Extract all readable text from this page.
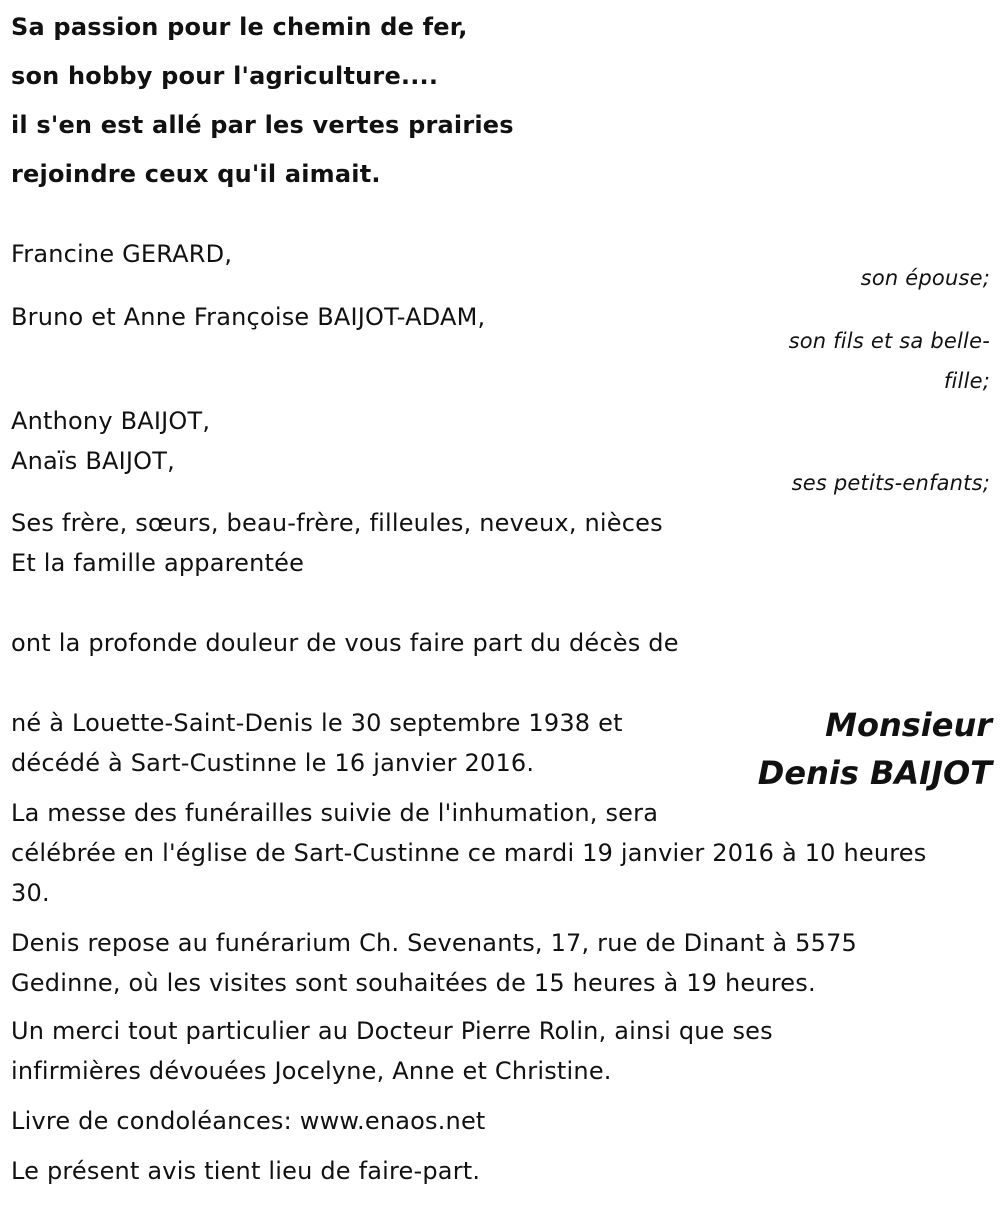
Sa passion pour le chemin de fer,
son hobby pour l'agriculture....
il s'en est allé par les vertes prairies
rejoindre ceux qu'il aimait.
Francine GERARD,
son épouse;
Bruno et Anne Françoise BAIJOT-ADAM,
son fils et sa belle-
fille;
Anthony BAIJOT,
Anaïs BAIJOT,
ses petits-enfants;
Ses frère, sœurs, beau-frère, filleules, neveux, nièces
Et la famille apparentée
ont la profonde douleur de vous faire part du décès de
Monsieur
Denis BAIJOT
né à Louette-Saint-Denis le 30 septembre 1938 et
décédé à Sart-Custinne le 16 janvier 2016.
La messe des funérailles suivie de l'inhumation, sera
célébrée en l'église de Sart-Custinne ce mardi 19 janvier 2016 à 10 heures
30.
Denis repose au funérarium Ch. Sevenants, 17, rue de Dinant à 5575
Gedinne, où les visites sont souhaitées de 15 heures à 19 heures.
Un merci tout particulier au Docteur Pierre Rolin, ainsi que ses
infirmières dévouées Jocelyne, Anne et Christine.
Livre de condoléances: www.enaos.net
Le présent avis tient lieu de faire-part.
